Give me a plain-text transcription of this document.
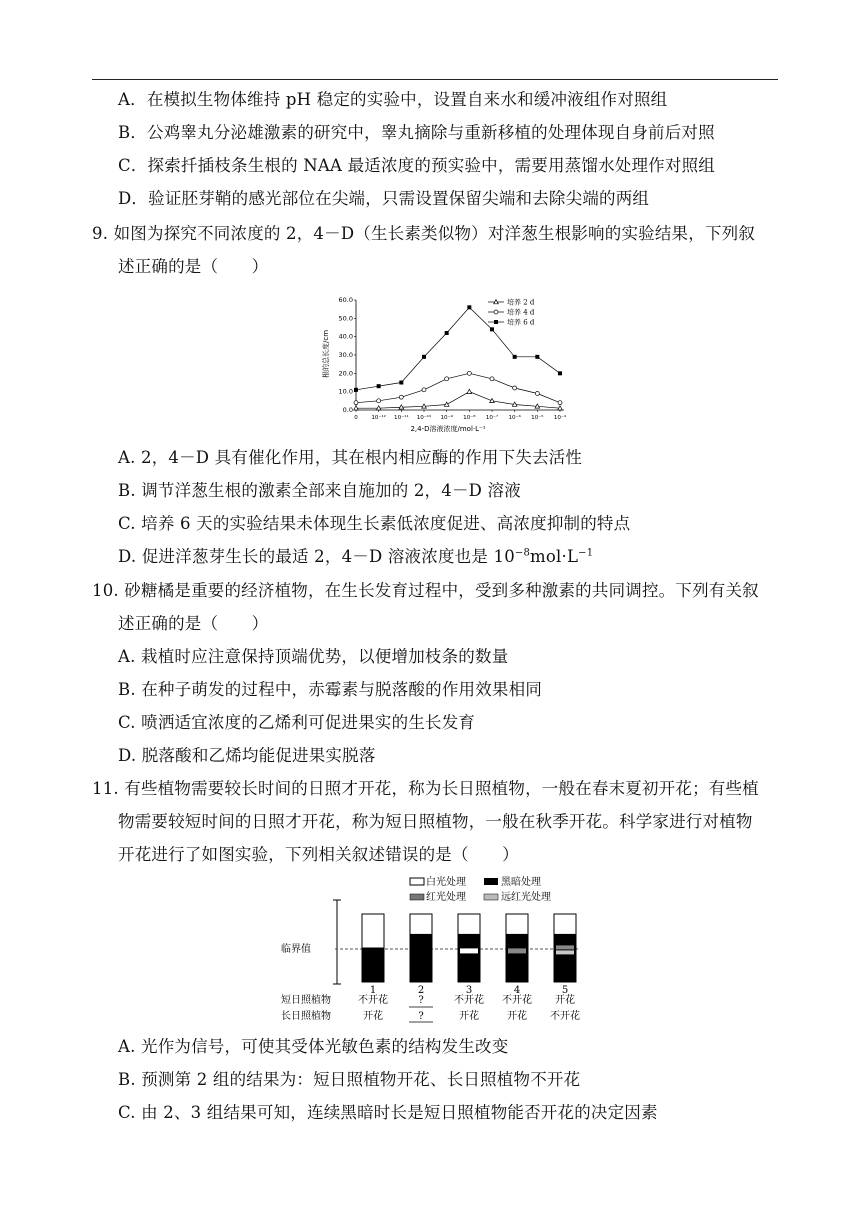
A．在模拟生物体维持 pH 稳定的实验中，设置自来水和缓冲液组作对照组
B．公鸡睾丸分泌雄激素的研究中，睾丸摘除与重新移植的处理体现自身前后对照
C．探索扦插枝条生根的 NAA 最适浓度的预实验中，需要用蒸馏水处理作对照组
D．验证胚芽鞘的感光部位在尖端，只需设置保留尖端和去除尖端的两组
9. 如图为探究不同浓度的 2，4－D（生长素类似物）对洋葱生根影响的实验结果，下列叙
述正确的是（　　）
0.0
10.0
20.0
30.0
40.0
50.0
60.0
0 10⁻¹² 10⁻¹¹ 10⁻¹⁰ 10⁻⁹ 10⁻⁸ 10⁻⁷ 10⁻⁶ 10⁻⁵ 10⁻⁴
培养 2 d
培养 4 d
培养 6 d
2,4-D溶液浓度/mol·L⁻¹
根的总长度/cm
A. 2，4－D 具有催化作用，其在根内相应酶的作用下失去活性
B. 调节洋葱生根的激素全部来自施加的 2，4－D 溶液
C. 培养 6 天的实验结果未体现生长素低浓度促进、高浓度抑制的特点
D. 促进洋葱芽生长的最适 2，4－D 溶液浓度也是 $10^{-8}mol\cdot L^{-1}$
10. 砂糖橘是重要的经济植物，在生长发育过程中，受到多种激素的共同调控。下列有关叙
述正确的是（　　）
A. 栽植时应注意保持顶端优势，以便增加枝条的数量
B. 在种子萌发的过程中，赤霉素与脱落酸的作用效果相同
C. 喷洒适宜浓度的乙烯利可促进果实的生长发育
D. 脱落酸和乙烯均能促进果实脱落
11. 有些植物需要较长时间的日照才开花，称为长日照植物，一般在春末夏初开花；有些植
物需要较短时间的日照才开花，称为短日照植物，一般在秋季开花。科学家进行对植物
开花进行了如图实验，下列相关叙述错误的是（　　）
白光处理	黑暗处理
红光处理	远红光处理
临界值
1
不开花
开花
2
?
?
3
不开花
开花
4
不开花
开花
5
开花
不开花
短日照植物
长日照植物
A. 光作为信号，可使其受体光敏色素的结构发生改变
B. 预测第 2 组的结果为：短日照植物开花、长日照植物不开花
C. 由 2、3 组结果可知，连续黑暗时长是短日照植物能否开花的决定因素
